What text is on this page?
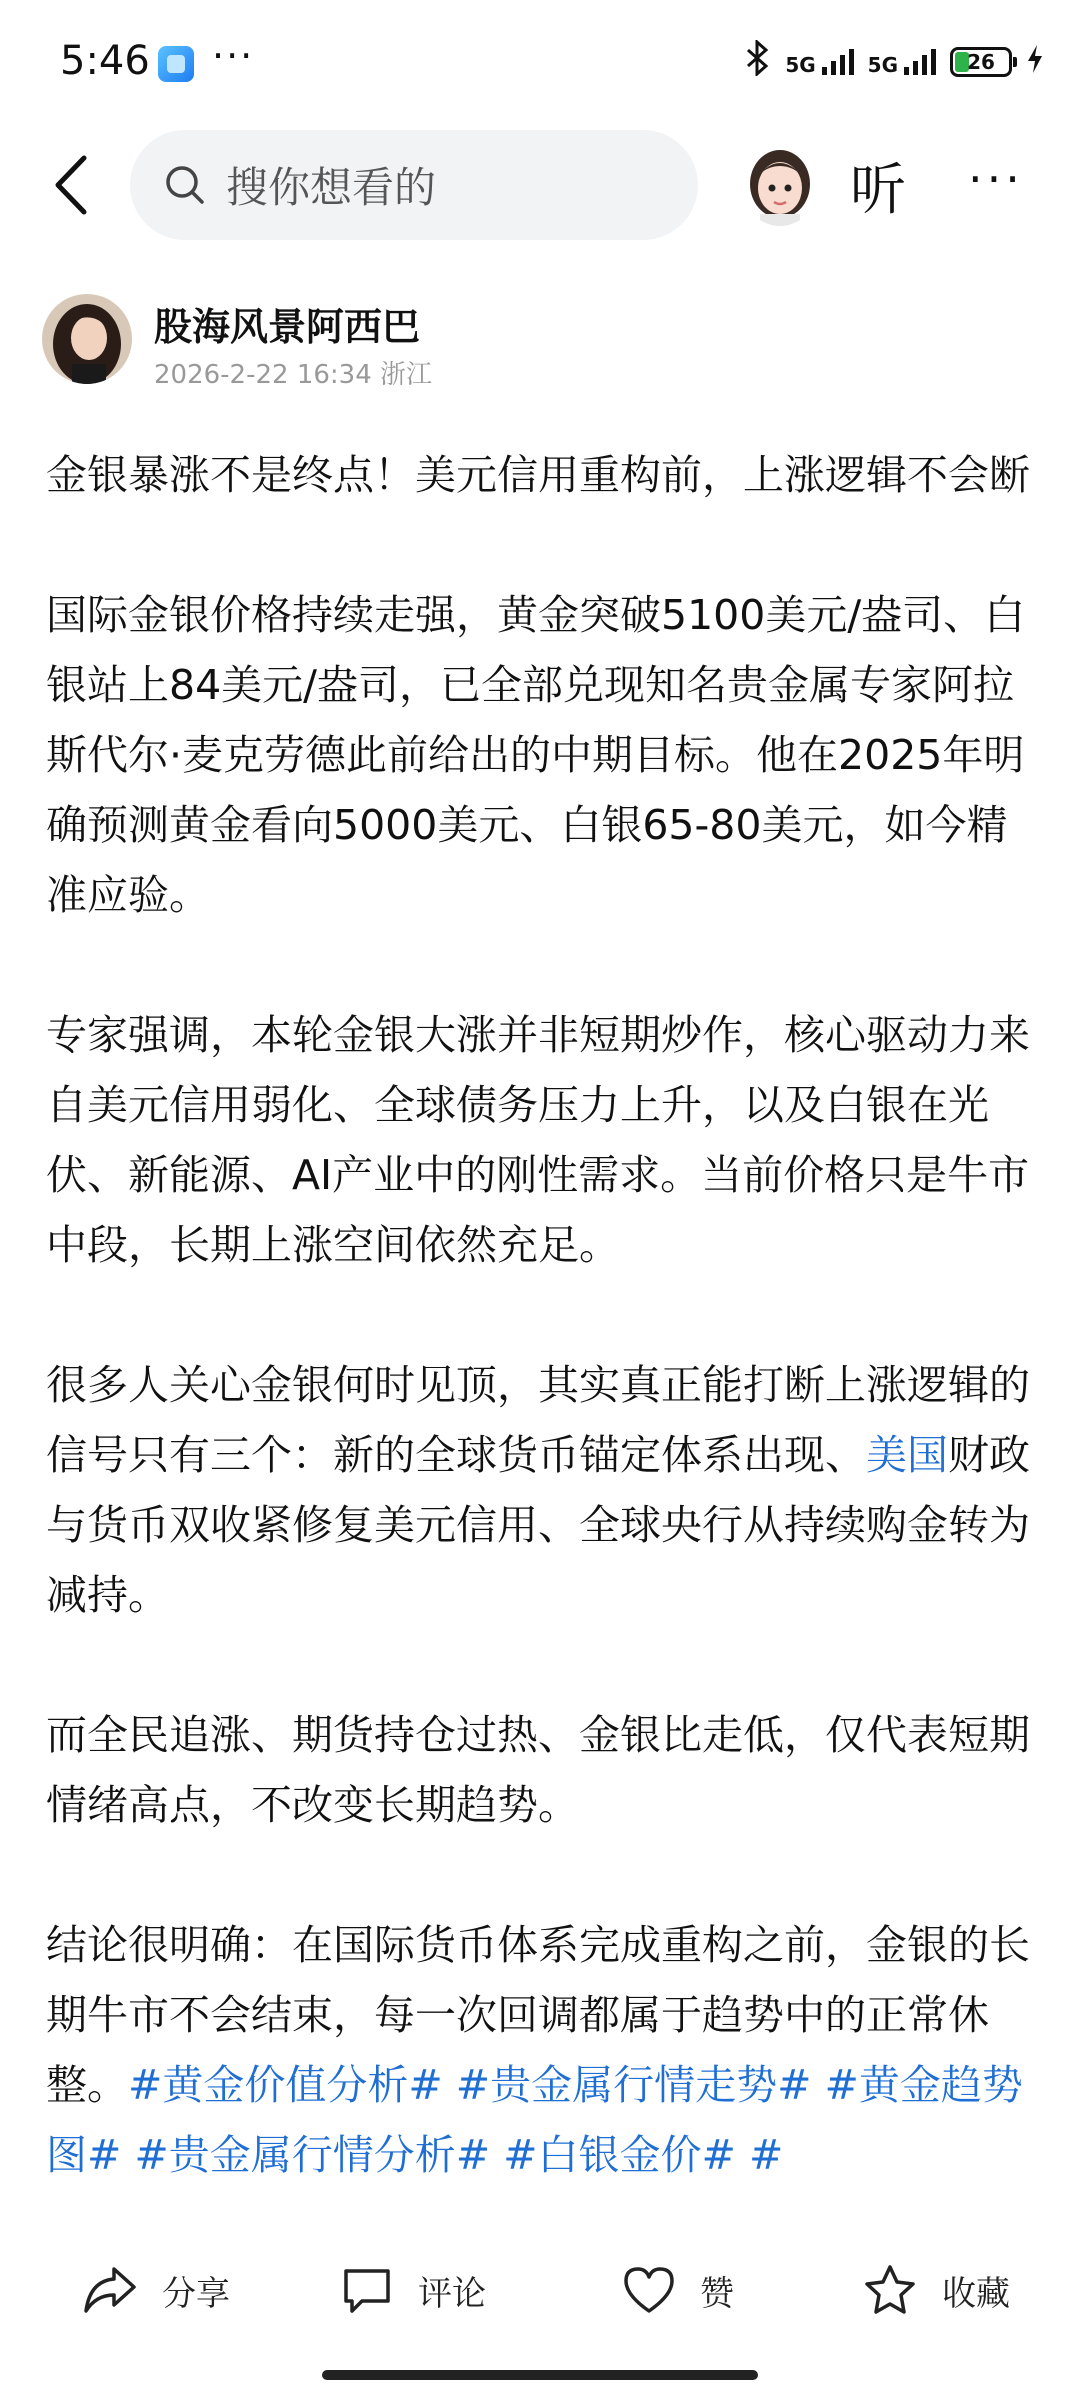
5:46 ···	5G	5G	26
搜你想看的	听 ···
股海风景阿西巴
2026-2-22 16:34 浙江

金银暴涨不是终点！美元信用重构前，上涨逻辑不会断

国际金银价格持续走强，黄金突破5100美元/盎司、白银站上84美元/盎司，已全部兑现知名贵金属专家阿拉斯代尔·麦克劳德此前给出的中期目标。他在2025年明确预测黄金看向5000美元、白银65-80美元，如今精准应验。

专家强调，本轮金银大涨并非短期炒作，核心驱动力来自美元信用弱化、全球债务压力上升，以及白银在光伏、新能源、AI产业中的刚性需求。当前价格只是牛市中段，长期上涨空间依然充足。

很多人关心金银何时见顶，其实真正能打断上涨逻辑的信号只有三个：新的全球货币锚定体系出现、美国财政与货币双收紧修复美元信用、全球央行从持续购金转为减持。

而全民追涨、期货持仓过热、金银比走低，仅代表短期情绪高点，不改变长期趋势。

结论很明确：在国际货币体系完成重构之前，金银的长期牛市不会结束，每一次回调都属于趋势中的正常休整。#黄金价值分析# #贵金属行情走势# #黄金趋势图# #贵金属行情分析# #白银金价# #

分享	评论	赞	收藏
